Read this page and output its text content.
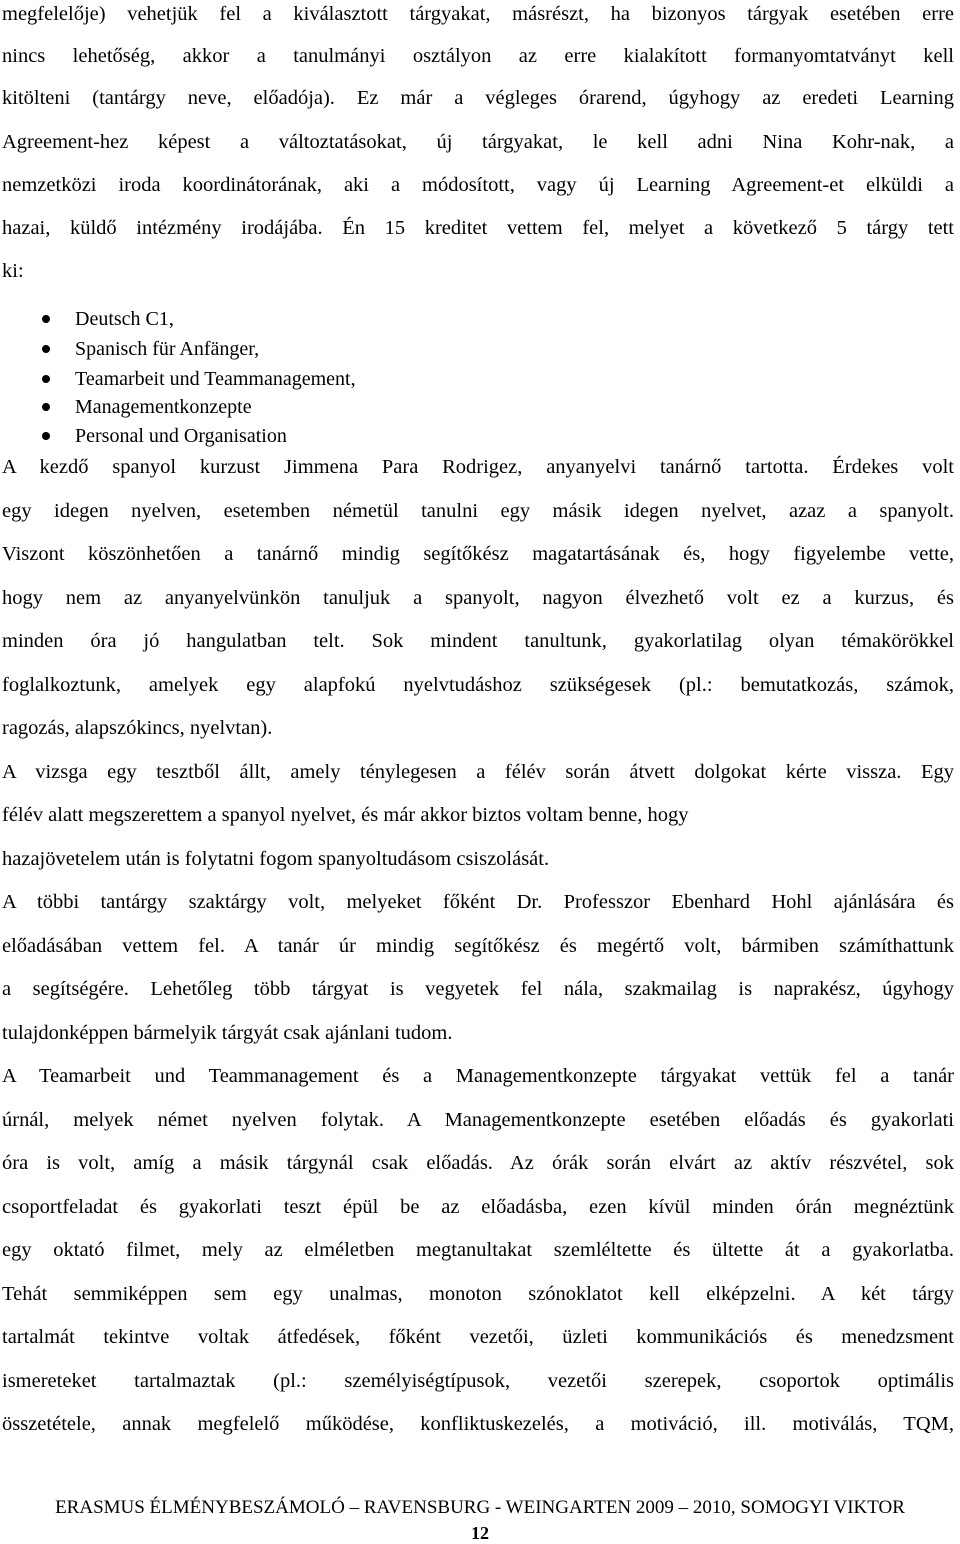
megfelelője) vehetjük fel a kiválasztott tárgyakat, másrészt, ha bizonyos tárgyak esetében erre
nincs lehetőség, akkor a tanulmányi osztályon az erre kialakított formanyomtatványt kell
kitölteni (tantárgy neve, előadója). Ez már a végleges órarend, úgyhogy az eredeti Learning
Agreement-hez képest a változtatásokat, új tárgyakat, le kell adni Nina Kohr-nak, a
nemzetközi iroda koordinátorának, aki a módosított, vagy új Learning Agreement-et elküldi a
hazai, küldő intézmény irodájába. Én 15 kreditet vettem fel, melyet a következő 5 tárgy tett
ki:
Deutsch C1,
Spanisch für Anfänger,
Teamarbeit und Teammanagement,
Managementkonzepte
Personal und Organisation
A kezdő spanyol kurzust Jimmena Para Rodrigez, anyanyelvi tanárnő tartotta. Érdekes volt
egy idegen nyelven, esetemben németül tanulni egy másik idegen nyelvet, azaz a spanyolt.
Viszont köszönhetően a tanárnő mindig segítőkész magatartásának és, hogy figyelembe vette,
hogy nem az anyanyelvünkön tanuljuk a spanyolt, nagyon élvezhető volt ez a kurzus, és
minden óra jó hangulatban telt. Sok mindent tanultunk, gyakorlatilag olyan témakörökkel
foglalkoztunk, amelyek egy alapfokú nyelvtudáshoz szükségesek (pl.: bemutatkozás, számok,
ragozás, alapszókincs, nyelvtan).
A vizsga egy tesztből állt, amely ténylegesen a félév során átvett dolgokat kérte vissza. Egy
félév alatt megszerettem a spanyol nyelvet, és már akkor biztos voltam benne, hogy
hazajövetelem után is folytatni fogom spanyoltudásom csiszolását.
A többi tantárgy szaktárgy volt, melyeket főként Dr. Professzor Ebenhard Hohl ajánlására és
előadásában vettem fel. A tanár úr mindig segítőkész és megértő volt, bármiben számíthattunk
a segítségére. Lehetőleg több tárgyat is vegyetek fel nála, szakmailag is naprakész, úgyhogy
tulajdonképpen bármelyik tárgyát csak ajánlani tudom.
A Teamarbeit und Teammanagement és a Managementkonzepte tárgyakat vettük fel a tanár
úrnál, melyek német nyelven folytak. A Managementkonzepte esetében előadás és gyakorlati
óra is volt, amíg a másik tárgynál csak előadás. Az órák során elvárt az aktív részvétel, sok
csoportfeladat és gyakorlati teszt épül be az előadásba, ezen kívül minden órán megnéztünk
egy oktató filmet, mely az elméletben megtanultakat szemléltette és ültette át a gyakorlatba.
Tehát semmiképpen sem egy unalmas, monoton szónoklatot kell elképzelni. A két tárgy
tartalmát tekintve voltak átfedések, főként vezetői, üzleti kommunikációs és menedzsment
ismereteket tartalmaztak (pl.: személyiségtípusok, vezetői szerepek, csoportok optimális
összetétele, annak megfelelő működése, konfliktuskezelés, a motiváció, ill. motiválás, TQM,
ERASMUS ÉLMÉNYBESZÁMOLÓ – RAVENSBURG - WEINGARTEN 2009 – 2010, SOMOGYI VIKTOR
12
